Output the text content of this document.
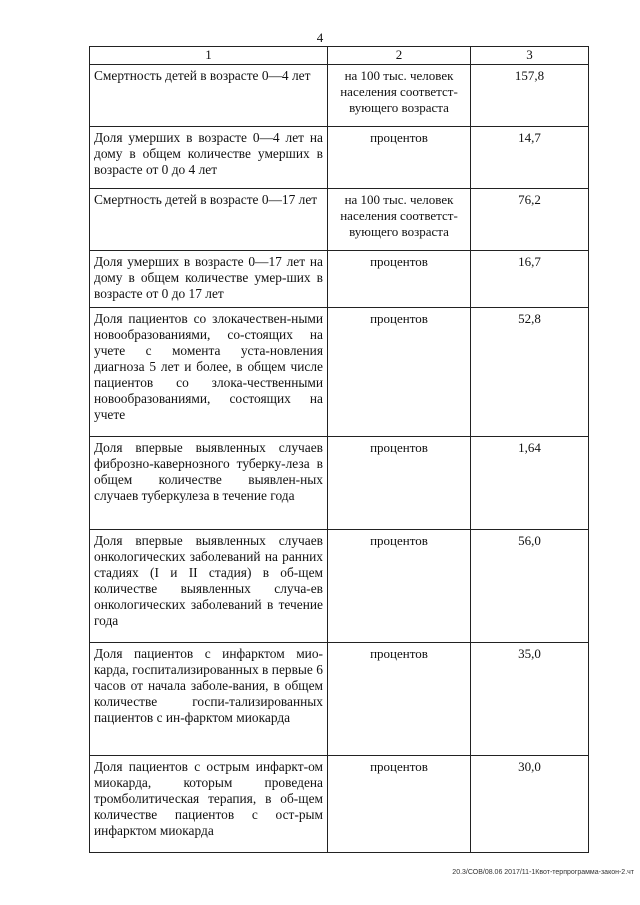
4
1	2	3

Смертность детей в возрасте 0—4 лет	на 100 тыс. человек населения соответст-вующего возраста	157,8

Доля умерших в возрасте 0—4 лет на дому в общем количестве умерших в возрасте от 0 до 4 лет	процентов	14,7

Смертность детей в возрасте 0—17 лет	на 100 тыс. человек населения соответст-вующего возраста	76,2

Доля умерших в возрасте 0—17 лет на дому в общем количестве умер-ших в возрасте от 0 до 17 лет	процентов	16,7

Доля пациентов со злокачествен-ными новообразованиями, со-стоящих на учете с момента уста-новления диагноза 5 лет и более, в общем числе пациентов со злока-чественными новообразованиями, состоящих на учете	процентов	52,8

Доля впервые выявленных случаев фиброзно-кавернозного туберку-леза в общем количестве выявлен-ных случаев туберкулеза в течение года	процентов	1,64

Доля впервые выявленных случаев онкологических заболеваний на ранних стадиях (I и II стадия) в об-щем количестве выявленных случа-ев онкологических заболеваний в течение года	процентов	56,0

Доля пациентов с инфарктом мио-карда, госпитализированных в первые 6 часов от начала заболе-вания, в общем количестве госпи-тализированных пациентов с ин-фарктом миокарда	процентов	35,0

Доля пациентов с острым инфаркт-ом миокарда, которым проведена тромболитическая терапия, в об-щем количестве пациентов с ост-рым инфарктом миокарда	процентов	30,0
20.3/СОВ/08.06 2017/11-1Квот-терпрограмма-закон-2.чт
